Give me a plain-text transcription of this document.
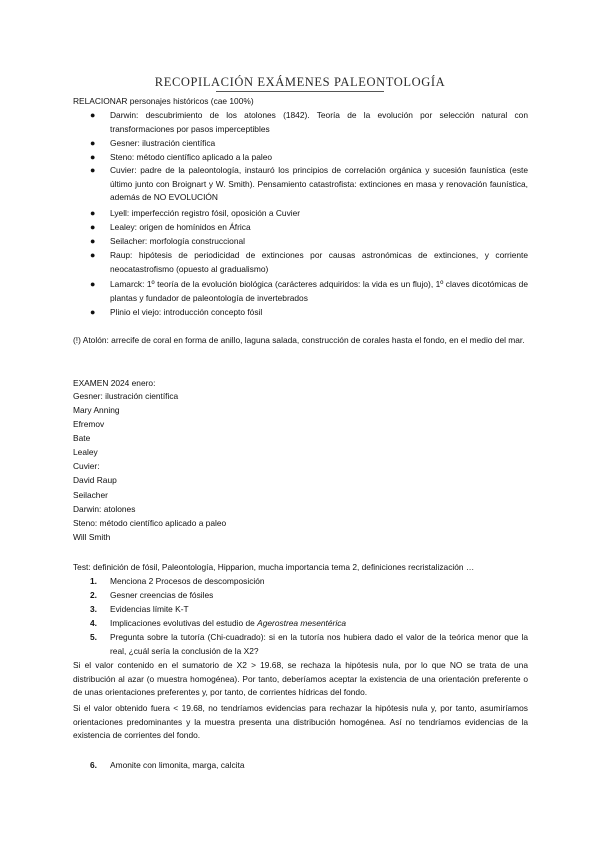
RECOPILACIÓN EXÁMENES PALEONTOLOGÍA
RELACIONAR personajes históricos (cae 100%)
● Darwin: descubrimiento de los atolones (1842). Teoría de la evolución por selección natural con transformaciones por pasos imperceptibles
● Gesner: ilustración científica
● Steno: método científico aplicado a la paleo
● Cuvier: padre de la paleontología, instauró los principios de correlación orgánica y sucesión faunística (este último junto con Broignart y W. Smith). Pensamiento catastrofista: extinciones en masa y renovación faunística, además de NO EVOLUCIÓN
● Lyell: imperfección registro fósil, oposición a Cuvier
● Lealey: origen de homínidos en África
● Seilacher: morfología construccional
● Raup: hipótesis de periodicidad de extinciones por causas astronómicas de extinciones, y corriente neocatastrofismo (opuesto al gradualismo)
● Lamarck: 1º teoría de la evolución biológica (carácteres adquiridos: la vida es un flujo), 1º claves dicotómicas de plantas y fundador de paleontología de invertebrados
● Plinio el viejo: introducción concepto fósil
(!) Atolón: arrecife de coral en forma de anillo, laguna salada, construcción de corales hasta el fondo, en el medio del mar.
EXAMEN 2024 enero:
Gesner: ilustración científica
Mary Anning
Efremov
Bate
Lealey
Cuvier:
David Raup
Seilacher
Darwin: atolones
Steno: método científico aplicado a paleo
Will Smith
Test: definición de fósil, Paleontología, Hipparion, mucha importancia tema 2, definiciones recristalización …
1. Menciona 2 Procesos de descomposición
2. Gesner creencias de fósiles
3. Evidencias límite K-T
4. Implicaciones evolutivas del estudio de Agerostrea mesentérica
5. Pregunta sobre la tutoría (Chi-cuadrado): si en la tutoría nos hubiera dado el valor de la teórica menor que la real, ¿cuál sería la conclusión de la X2?
Si el valor contenido en el sumatorio de X2 > 19.68, se rechaza la hipótesis nula, por lo que NO se trata de una distribución al azar (o muestra homogénea). Por tanto, deberíamos aceptar la existencia de una orientación preferente o de unas orientaciones preferentes y, por tanto, de corrientes hídricas del fondo.
Si el valor obtenido fuera < 19.68, no tendríamos evidencias para rechazar la hipótesis nula y, por tanto, asumiríamos orientaciones predominantes y la muestra presenta una distribución homogénea. Así no tendríamos evidencias de la existencia de corrientes del fondo.
6. Amonite con limonita, marga, calcita
